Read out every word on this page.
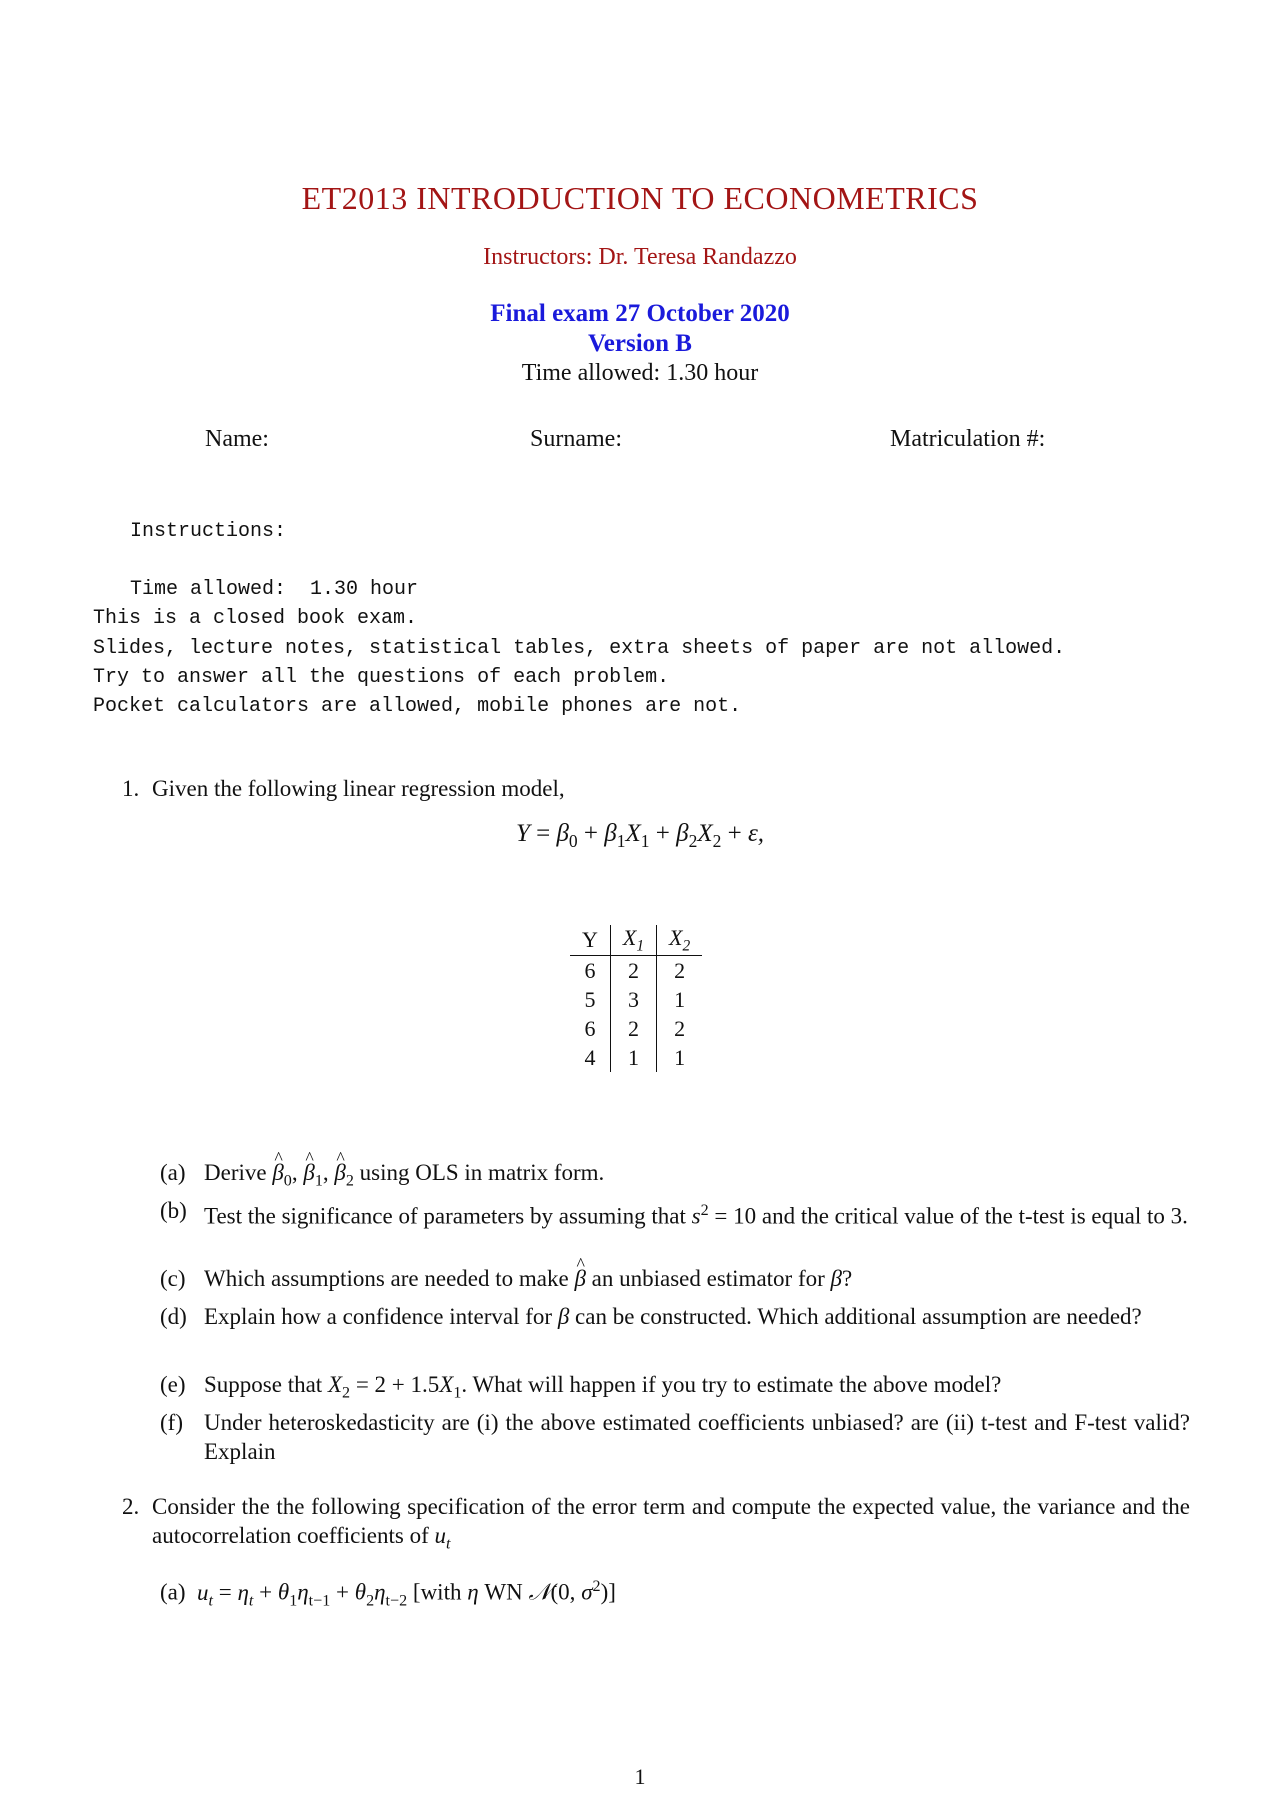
ET2013 INTRODUCTION TO ECONOMETRICS
Instructors: Dr. Teresa Randazzo
Final exam 27 October 2020
Version B
Time allowed: 1.30 hour
Name:	Surname:	Matriculation #:
Instructions:
Time allowed:  1.30 hour
This is a closed book exam.
Slides, lecture notes, statistical tables, extra sheets of paper are not allowed.
Try to answer all the questions of each problem.
Pocket calculators are allowed, mobile phones are not.
1. Given the following linear regression model,
$Y = \beta_0 + \beta_1X_1 + \beta_2X_2 + \varepsilon$,
Y	$X_1$	$X_2$
6	2	2
5	3	1
6	2	2
4	1	1
(a) Derive ^ $\beta_0$, ^ $\beta_1$, ^ $\beta_2$ using OLS in matrix form.
(b) Test the significance of parameters by assuming that $s^2 = 10$ and the critical value of the t-test is equal to 3.
(c) Which assumptions are needed to make ^ β an unbiased estimator for β?
(d) Explain how a confidence interval for β can be constructed. Which additional assumption are needed?
(e) Suppose that $X_2 = 2 + 1.5X_1$. What will happen if you try to estimate the above model?
(f) Under heteroskedasticity are (i) the above estimated coefficients unbiased? are (ii) t-test and F-test valid? Explain
2. Consider the the following specification of the error term and compute the expected value, the variance and the autocorrelation coefficients of $u_t$
(a) $u_t = \eta_t + \theta_1\eta_{t-1} + \theta_2\eta_{t-2}$ [with η WN 𝒩(0, $\sigma^2$)]
1
